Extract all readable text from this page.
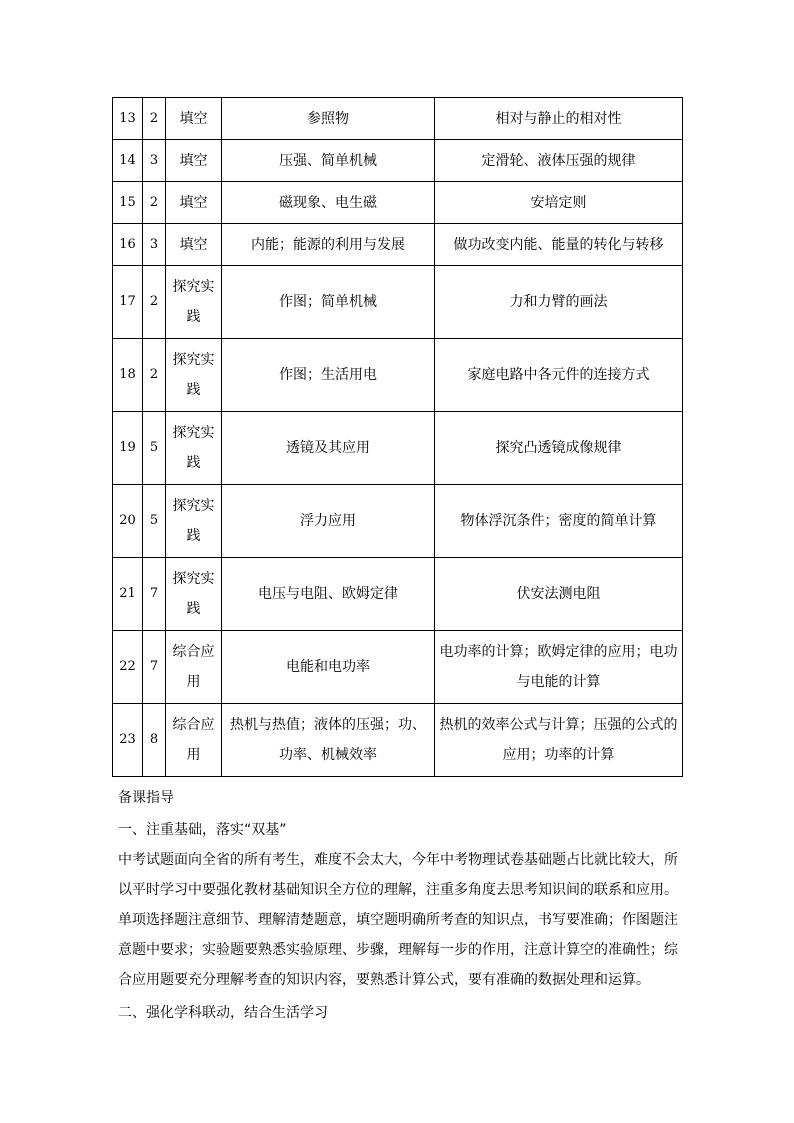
13	2	填空	参照物	相对与静止的相对性
14	3	填空	压强、简单机械	定滑轮、液体压强的规律
15	2	填空	磁现象、电生磁	安培定则
16	3	填空	内能；能源的利用与发展	做功改变内能、能量的转化与转移
17	2	探究实践	作图；简单机械	力和力臂的画法
18	2	探究实践	作图；生活用电	家庭电路中各元件的连接方式
19	5	探究实践	透镜及其应用	探究凸透镜成像规律
20	5	探究实践	浮力应用	物体浮沉条件；密度的简单计算
21	7	探究实践	电压与电阻、欧姆定律	伏安法测电阻
22	7	综合应用	电能和电功率	电功率的计算；欧姆定律的应用；电功与电能的计算
23	8	综合应用	热机与热值；液体的压强；功、功率、机械效率	热机的效率公式与计算；压强的公式的应用；功率的计算
备课指导
一、注重基础，落实“双基”
中考试题面向全省的所有考生，难度不会太大，今年中考物理试卷基础题占比就比较大，所以平时学习中要强化教材基础知识全方位的理解，注重多角度去思考知识间的联系和应用。单项选择题注意细节、理解清楚题意，填空题明确所考查的知识点，书写要准确；作图题注意题中要求；实验题要熟悉实验原理、步骤，理解每一步的作用，注意计算空的准确性；综合应用题要充分理解考查的知识内容，要熟悉计算公式，要有准确的数据处理和运算。
二、强化学科联动，结合生活学习
